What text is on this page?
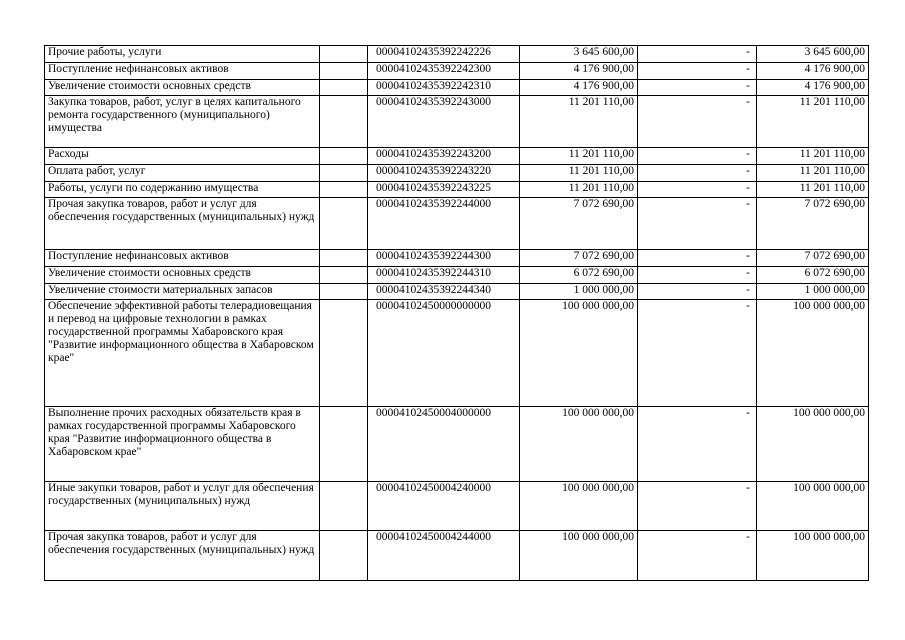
Прочие работы, услуги		00004102435392242226	3 645 600,00	-	3 645 600,00
Поступление нефинансовых активов		00004102435392242300	4 176 900,00	-	4 176 900,00
Увеличение стоимости основных средств		00004102435392242310	4 176 900,00	-	4 176 900,00
Закупка товаров, работ, услуг в целях капитального ремонта государственного (муниципального) имущества		00004102435392243000	11 201 110,00	-	11 201 110,00
Расходы		00004102435392243200	11 201 110,00	-	11 201 110,00
Оплата работ, услуг		00004102435392243220	11 201 110,00	-	11 201 110,00
Работы, услуги по содержанию имущества		00004102435392243225	11 201 110,00	-	11 201 110,00
Прочая закупка товаров, работ и услуг для обеспечения государственных (муниципальных) нужд		00004102435392244000	7 072 690,00	-	7 072 690,00
Поступление нефинансовых активов		00004102435392244300	7 072 690,00	-	7 072 690,00
Увеличение стоимости основных средств		00004102435392244310	6 072 690,00	-	6 072 690,00
Увеличение стоимости материальных запасов		00004102435392244340	1 000 000,00	-	1 000 000,00
Обеспечение эффективной работы телерадиовещания и перевод на цифровые технологии в рамках государственной программы Хабаровского края "Развитие информационного общества в Хабаровском крае"		00004102450000000000	100 000 000,00	-	100 000 000,00
Выполнение прочих расходных обязательств края в рамках государственной программы Хабаровского края "Развитие информационного общества в Хабаровском крае"		00004102450004000000	100 000 000,00	-	100 000 000,00
Иные закупки товаров, работ и услуг для обеспечения государственных (муниципальных) нужд		00004102450004240000	100 000 000,00	-	100 000 000,00
Прочая закупка товаров, работ и услуг для обеспечения государственных (муниципальных) нужд		00004102450004244000	100 000 000,00	-	100 000 000,00
